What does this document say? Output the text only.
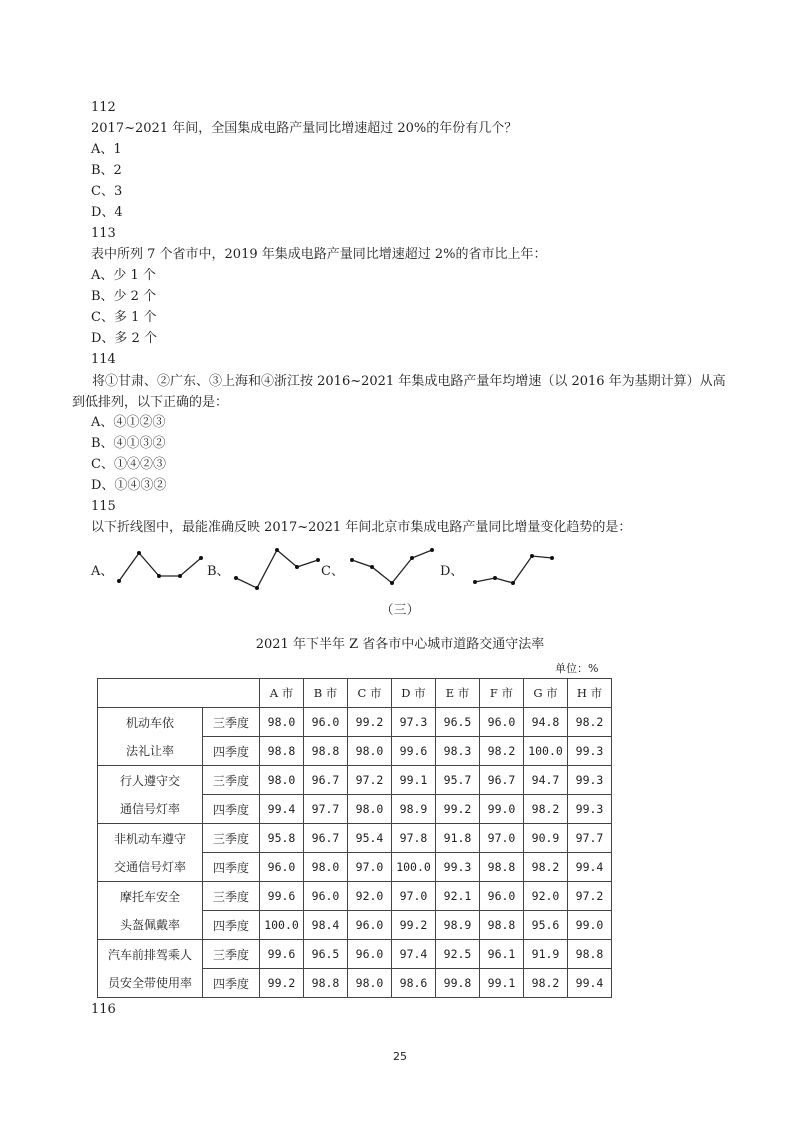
112
2017~2021 年间，全国集成电路产量同比增速超过 20%的年份有几个？
A、1
B、2
C、3
D、4
113
表中所列 7 个省市中，2019 年集成电路产量同比增速超过 2%的省市比上年：
A、少 1 个
B、少 2 个
C、多 1 个
D、多 2 个
114
将①甘肃、②广东、③上海和④浙江按 2016~2021 年集成电路产量年均增速（以 2016 年为基期计算）从高到低排列，以下正确的是：
A、④①②③
B、④①③②
C、①④②③
D、①④③②
115
以下折线图中，最能准确反映 2017~2021 年间北京市集成电路产量同比增量变化趋势的是：
A、	B、	C、	D、
（三）
2021 年下半年 Z 省各市中心城市道路交通守法率
单位：%
		A 市	B 市	C 市	D 市	E 市	F 市	G 市	H 市
机动车依	三季度	98.0	96.0	99.2	97.3	96.5	96.0	94.8	98.2
法礼让率	四季度	98.8	98.8	98.0	99.6	98.3	98.2	100.0	99.3
行人遵守交	三季度	98.0	96.7	97.2	99.1	95.7	96.7	94.7	99.3
通信号灯率	四季度	99.4	97.7	98.0	98.9	99.2	99.0	98.2	99.3
非机动车遵守	三季度	95.8	96.7	95.4	97.8	91.8	97.0	90.9	97.7
交通信号灯率	四季度	96.0	98.0	97.0	100.0	99.3	98.8	98.2	99.4
摩托车安全	三季度	99.6	96.0	92.0	97.0	92.1	96.0	92.0	97.2
头盔佩戴率	四季度	100.0	98.4	96.0	99.2	98.9	98.8	95.6	99.0
汽车前排驾乘人	三季度	99.6	96.5	96.0	97.4	92.5	96.1	91.9	98.8
员安全带使用率	四季度	99.2	98.8	98.0	98.6	99.8	99.1	98.2	99.4
116
25
